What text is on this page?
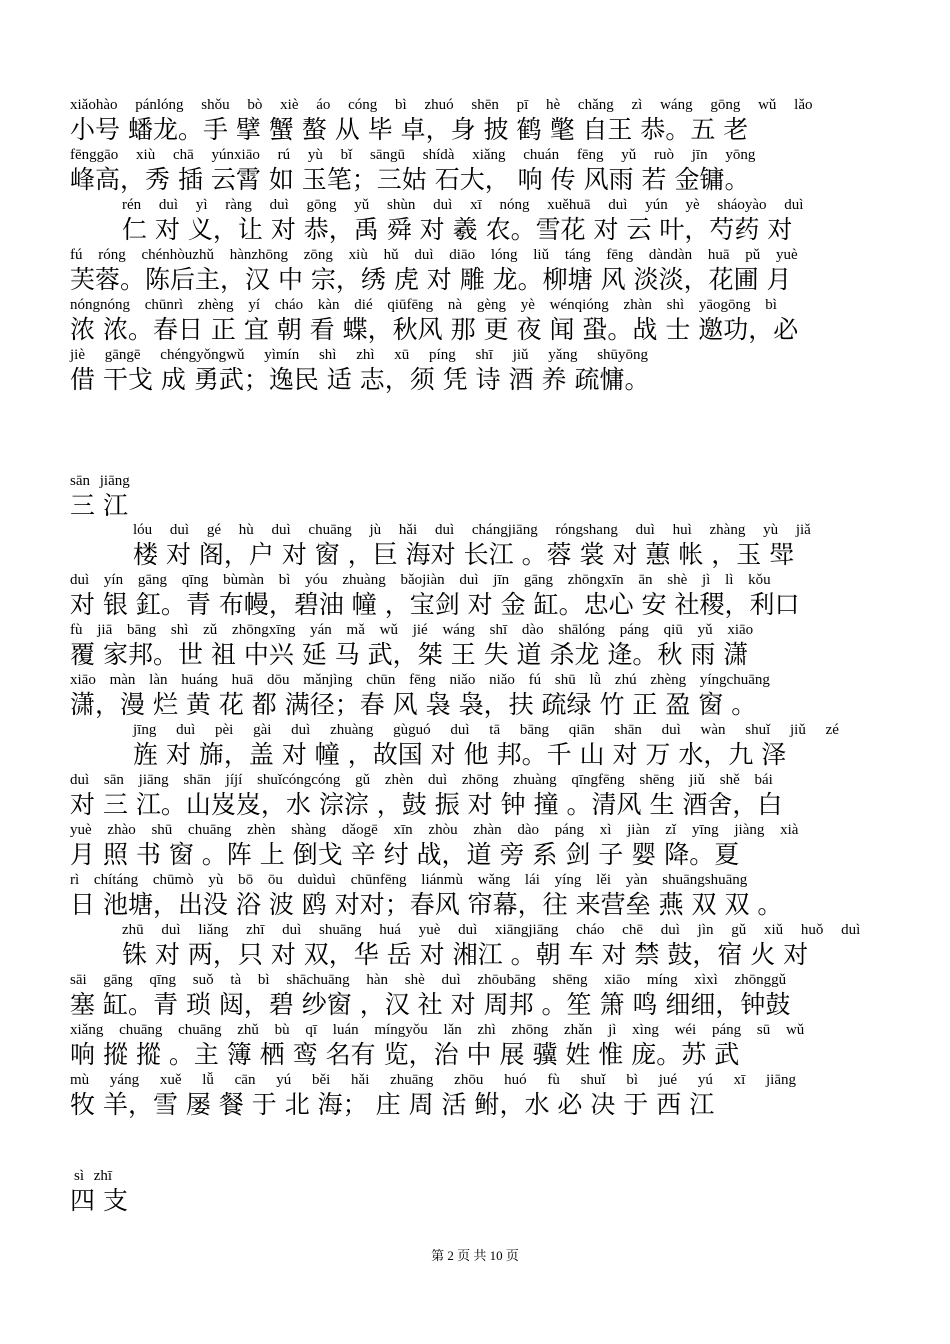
xiǎohào pánlóng shǒu bò xiè áo cóng bì zhuó shēn pī hè chǎng zì wáng gōng wǔ lǎo
小号 蟠龙。手 擘 蟹 螯 从 毕 卓，身 披 鹤 氅 自王 恭。五 老
fēnggāo xiù chā yúnxiāo rú yù bǐ sāngū shídà xiǎng chuán fēng yǔ ruò jīn yōng
峰高，秀 插 云霄 如 玉笔；三姑 石大， 响 传 风雨 若 金镛。
rén duì yì ràng duì gōng yǔ shùn duì xī nóng xuěhuā duì yún yè sháoyào duì
仁 对 义，让 对 恭，禹 舜 对 羲 农。雪花 对 云 叶，芍药 对
fú róng chénhòuzhǔ hànzhōng zōng xiù hǔ duì diāo lóng liǔ táng fēng dàndàn huā pǔ yuè
芙蓉。陈后主，汉 中 宗，绣 虎 对 雕 龙。柳塘 风 淡淡，花圃 月
nóngnóng chūnrì zhèng yí cháo kàn dié qiūfēng nà gèng yè wénqióng zhàn shì yāogōng bì
浓 浓。春日 正 宜 朝 看 蝶，秋风 那 更 夜 闻 蛩。战 士 邀功，必
jiè gāngē chéngyǒngwǔ yìmín shì zhì xū píng shī jiǔ yǎng shūyōng
借 干戈 成 勇武；逸民 适 志，须 凭 诗 酒 养 疏慵。
sān jiāng
三 江
lóu duì gé hù duì chuāng jù hǎi duì chángjiāng róngshang duì huì zhàng yù jiǎ
楼 对 阁，户 对 窗 ，巨 海对 长江 。蓉 裳 对 蕙 帐 ，玉 斝
duì yín gāng qīng bùmàn bì yóu zhuàng bǎojiàn duì jīn gāng zhōngxīn ān shè jì lì kǒu
对 银 釭。青 布幔，碧油 幢 ，宝剑 对 金 缸。忠心 安 社稷，利口
fù jiā bāng shì zǔ zhōngxīng yán mǎ wǔ jié wáng shī dào shālóng páng qiū yǔ xiāo
覆 家邦。世 祖 中兴 延 马 武，桀 王 失 道 杀龙 逄。秋 雨 潇
xiāo màn làn huáng huā dōu mǎnjìng chūn fēng niǎo niǎo fú shū lǜ zhú zhèng yíngchuāng
潇，漫 烂 黄 花 都 满径；春 风 袅 袅，扶 疏绿 竹 正 盈 窗 。
jīng duì pèi gài duì zhuàng gùguó duì tā bāng qiān shān duì wàn shuǐ jiǔ zé
旌 对 旆，盖 对 幢 ，故国 对 他 邦。千 山 对 万 水，九 泽
duì sān jiāng shān jíjí shuǐcóngcóng gǔ zhèn duì zhōng zhuàng qīngfēng shēng jiǔ shě bái
对 三 江。山岌岌，水 淙淙 ，鼓 振 对 钟 撞 。清风 生 酒舍，白
yuè zhào shū chuāng zhèn shàng dǎogē xīn zhòu zhàn dào páng xì jiàn zǐ yīng jiàng xià
月 照 书 窗 。阵 上 倒戈 辛 纣 战，道 旁 系 剑 子 婴 降。夏
rì chítáng chūmò yù bō ōu duìduì chūnfēng liánmù wǎng lái yíng lěi yàn shuāngshuāng
日 池塘，出没 浴 波 鸥 对对；春风 帘幕，往 来营垒 燕 双 双 。
zhū duì liǎng zhī duì shuāng huá yuè duì xiāngjiāng cháo chē duì jìn gǔ xiǔ huǒ duì
铢 对 两，只 对 双，华 岳 对 湘江 。朝 车 对 禁 鼓，宿 火 对
sāi gāng qīng suǒ tà bì shāchuāng hàn shè duì zhōubāng shēng xiāo míng xìxì zhōnggǔ
塞 缸。青 琐 闼，碧 纱窗 ，汉 社 对 周邦 。笙 箫 鸣 细细，钟鼓
xiǎng chuāng chuāng zhǔ bù qī luán míngyǒu lǎn zhì zhōng zhǎn jì xìng wéi páng sū wǔ
响 摐 摐 。主 簿 栖 鸾 名有 览，治 中 展 骥 姓 惟 庞。苏 武
mù yáng xuě lǚ cān yú běi hǎi zhuāng zhōu huó fù shuǐ bì jué yú xī jiāng
牧 羊，雪 屡 餐 于 北 海； 庄 周 活 鲋，水 必 决 于 西 江
sì zhī
四 支
第 2 页 共 10 页
